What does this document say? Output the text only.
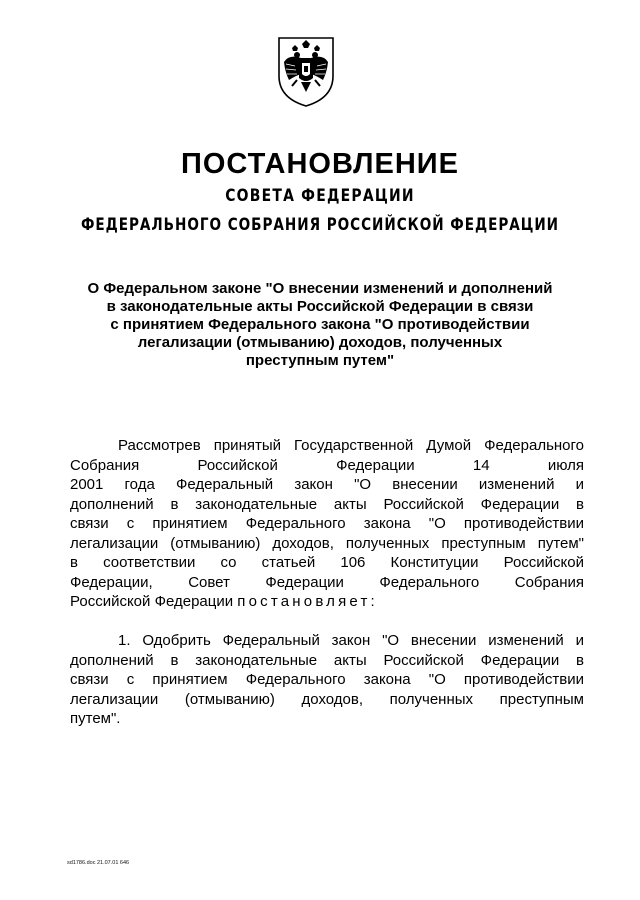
ПОСТАНОВЛЕНИЕ
СОВЕТА ФЕДЕРАЦИИ
ФЕДЕРАЛЬНОГО СОБРАНИЯ РОССИЙСКОЙ ФЕДЕРАЦИИ
О Федеральном законе "О внесении изменений и дополнений
в законодательные акты Российской Федерации в связи
с принятием Федерального закона "О противодействии
легализации (отмыванию) доходов, полученных
преступным путем"
Рассмотрев принятый Государственной Думой Федерального
Собрания Российской Федерации 14 июля
2001 года Федеральный закон "О внесении изменений и
дополнений в законодательные акты Российской Федерации в
связи с принятием Федерального закона "О противодействии
легализации (отмыванию) доходов, полученных преступным путем"
в соответствии со статьей 106 Конституции Российской
Федерации, Совет Федерации Федерального Собрания
Российской Федерации постановляет:
1. Одобрить Федеральный закон "О внесении изменений и
дополнений в законодательные акты Российской Федерации в
связи с принятием Федерального закона "О противодействии
легализации (отмыванию) доходов, полученных преступным
путем".
sd1786.doc 21.07.01 646
